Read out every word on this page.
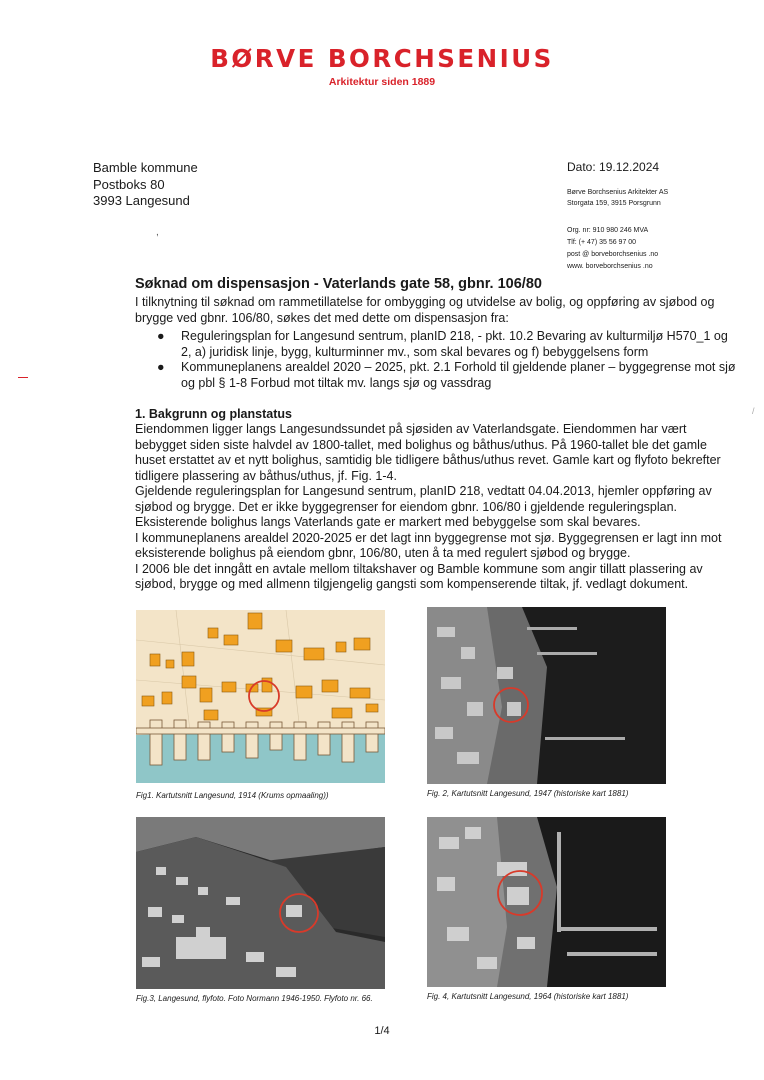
BØRVE BORCHSENIUS
Arkitektur siden 1889
Bamble kommune
Postboks 80
3993 Langesund
,
Dato: 19.12.2024
Børve Borchsenius Arkitekter AS
Storgata 159, 3915 Porsgrunn
Org. nr: 910 980 246 MVA
Tlf: (+ 47) 35 56 97 00
post @ borveborchsenius .no
www. borveborchsenius .no
Søknad om dispensasjon - Vaterlands gate 58, gbnr. 106/80

I tilknytning til søknad om rammetillatelse for ombygging og utvidelse av bolig, og oppføring av sjøbod og brygge ved gbnr. 106/80, søkes det med dette om dispensasjon fra:

● Reguleringsplan for Langesund sentrum, planID 218, - pkt. 10.2 Bevaring av kulturmiljø H570_1 og 2, a) juridisk linje, bygg, kulturminner mv., som skal bevares og f) bebyggelsens form
● Kommuneplanens arealdel 2020 – 2025, pkt. 2.1 Forhold til gjeldende planer – byggegrense mot sjø og pbl § 1-8 Forbud mot tiltak mv. langs sjø og vassdrag
/
1. Bakgrunn og planstatus

Eiendommen ligger langs Langesundssundet på sjøsiden av Vaterlandsgate. Eiendommen har vært bebygget siden siste halvdel av 1800-tallet, med bolighus og båthus/uthus. På 1960-tallet ble det gamle huset erstattet av et nytt bolighus, samtidig ble tidligere båthus/uthus revet. Gamle kart og flyfoto bekrefter tidligere plassering av båthus/uthus, jf. Fig. 1-4.

Gjeldende reguleringsplan for Langesund sentrum, planID 218, vedtatt 04.04.2013, hjemler oppføring av sjøbod og brygge. Det er ikke byggegrenser for eiendom gbnr. 106/80 i gjeldende reguleringsplan. Eksisterende bolighus langs Vaterlands gate er markert med bebyggelse som skal bevares.

I kommuneplanens arealdel 2020-2025 er det lagt inn byggegrense mot sjø. Byggegrensen er lagt inn mot eksisterende bolighus på eiendom gbnr, 106/80, uten å ta med regulert sjøbod og brygge.

I 2006 ble det inngått en avtale mellom tiltakshaver og Bamble kommune som angir tillatt plassering av sjøbod, brygge og med allmenn tilgjengelig gangsti som kompenserende tiltak, jf. vedlagt dokument.

Fig1. Kartutsnitt Langesund, 1914 (Krums opmaaling))	Fig. 2, Kartutsnitt Langesund, 1947 (historiske kart 1881)
Fig.3, Langesund, flyfoto. Foto Normann 1946-1950. Flyfoto nr. 66.	Fig. 4, Kartutsnitt Langesund, 1964 (historiske kart 1881)
1/4
